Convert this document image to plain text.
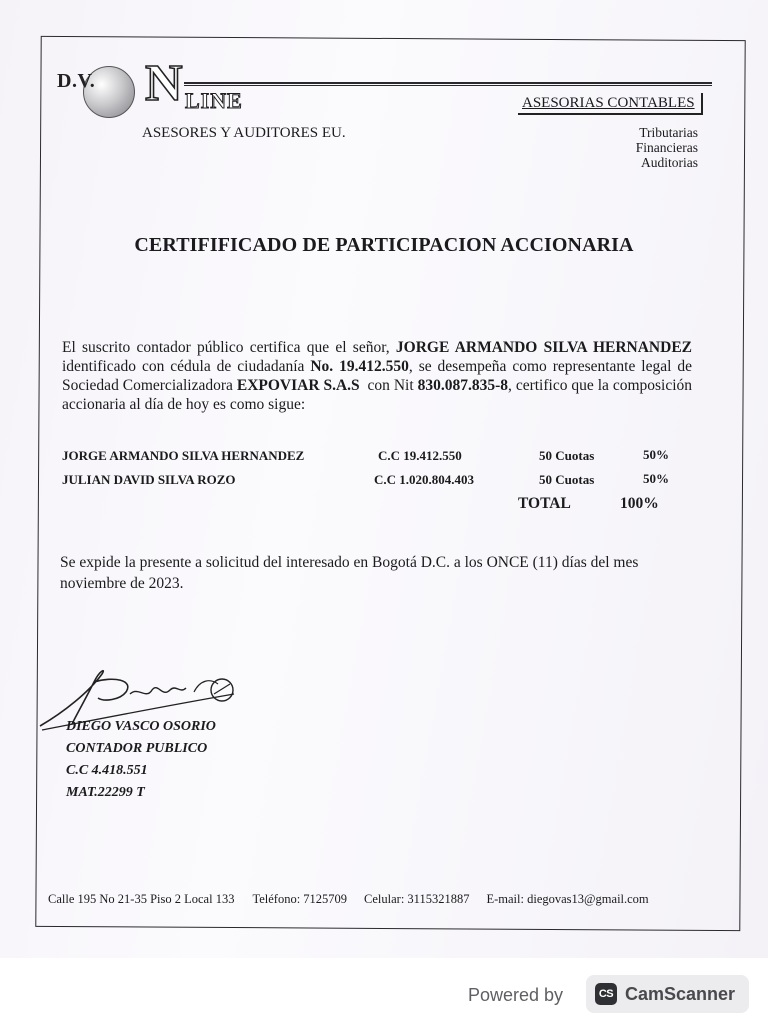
D.V. N LINE
ASESORES Y AUDITORES EU.
ASESORIAS CONTABLES
Tributarias
Financieras
Auditorias
CERTIFIFICADO DE PARTICIPACION ACCIONARIA
El suscrito contador público certifica que el señor, JORGE ARMANDO SILVA HERNANDEZ identificado con cédula de ciudadanía No. 19.412.550, se desempeña como representante legal de Sociedad Comercializadora EXPOVIAR S.A.S con Nit 830.087.835-8, certifico que la composición accionaria al día de hoy es como sigue:
JORGE ARMANDO SILVA HERNANDEZ	C.C 19.412.550	50 Cuotas	50%
JULIAN DAVID SILVA ROZO	C.C 1.020.804.403	50 Cuotas	50%
TOTAL	100%
Se expide la presente a solicitud del interesado en Bogotá D.C. a los ONCE (11) días del mes noviembre de 2023.
DIEGO VASCO OSORIO
CONTADOR PUBLICO
C.C 4.418.551
MAT.22299 T
Calle 195 No 21-35 Piso 2 Local 133 Teléfono: 7125709 Celular: 3115321887 E-mail: diegovas13@gmail.com
Powered by	CS CamScanner
